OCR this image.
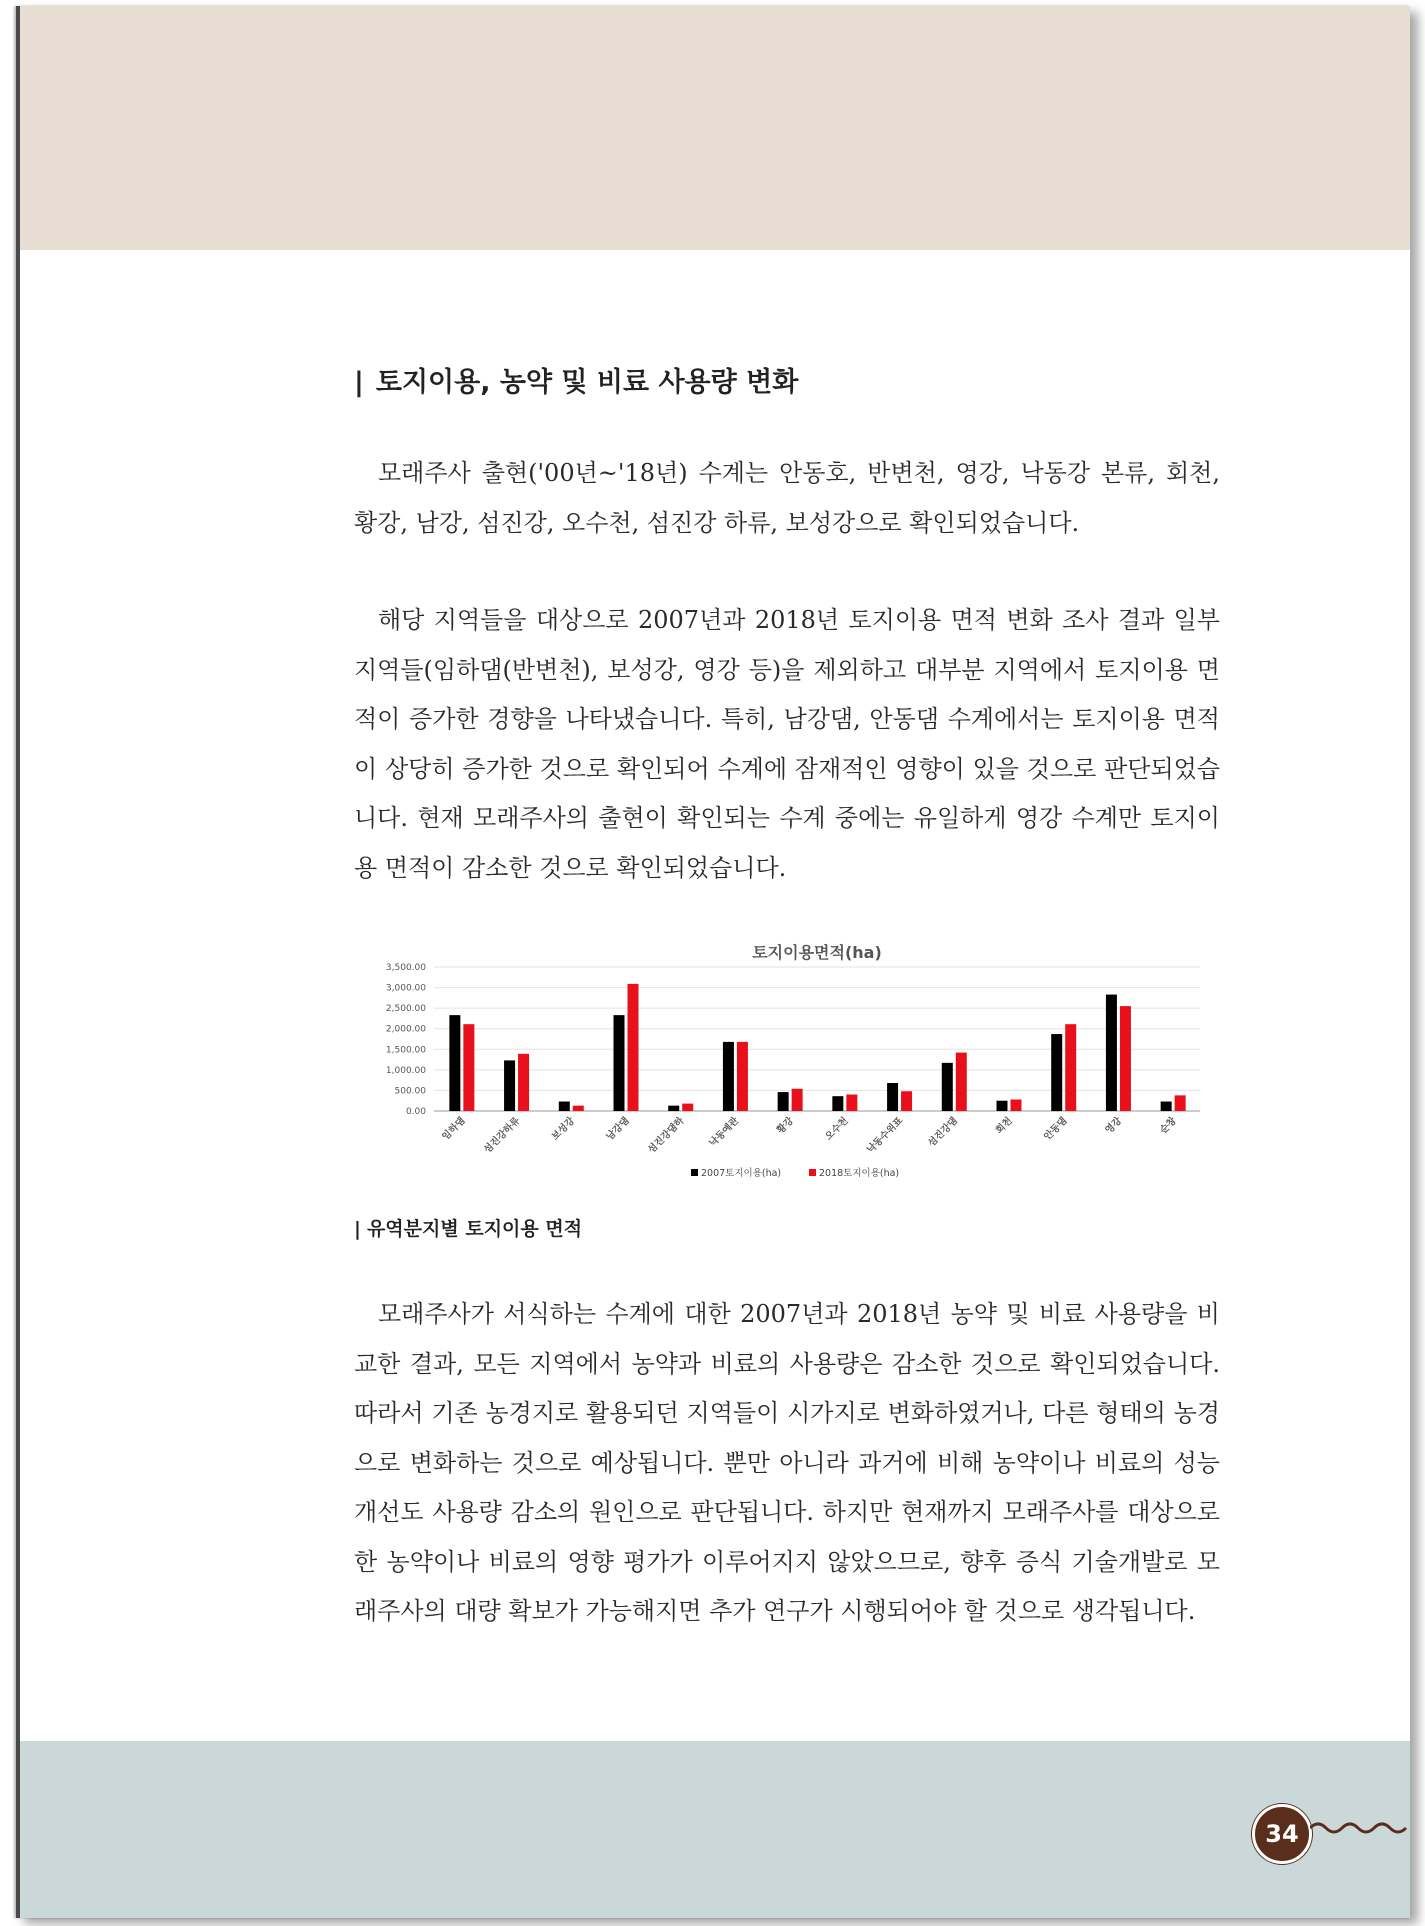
| 토지이용, 농약 및 비료 사용량 변화
모래주사 출현('00년~'18년) 수계는 안동호, 반변천, 영강, 낙동강 본류, 회천, 황강, 남강, 섬진강, 오수천, 섬진강 하류, 보성강으로 확인되었습니다.
해당 지역들을 대상으로 2007년과 2018년 토지이용 면적 변화 조사 결과 일부 지역들(임하댐(반변천), 보성강, 영강 등)을 제외하고 대부분 지역에서 토지이용 면적이 증가한 경향을 나타냈습니다. 특히, 남강댐, 안동댐 수계에서는 토지이용 면적이 상당히 증가한 것으로 확인되어 수계에 잠재적인 영향이 있을 것으로 판단되었습니다. 현재 모래주사의 출현이 확인되는 수계 중에는 유일하게 영강 수계만 토지이용 면적이 감소한 것으로 확인되었습니다.
토지이용면적(ha)
3,500.00
3,000.00
2,500.00
2,000.00
1,500.00
1,000.00
500.00
0.00
임하댐 섬진강하류	보성강	남강댐 섬진강댐하 낙동예관	황강	오수천 낙동수위표 섬진강댐	회천	안동댐	영강	순창
2007토지이용(ha)	2018토지이용(ha)
| 유역분지별 토지이용 면적
모래주사가 서식하는 수계에 대한 2007년과 2018년 농약 및 비료 사용량을 비교한 결과, 모든 지역에서 농약과 비료의 사용량은 감소한 것으로 확인되었습니다. 따라서 기존 농경지로 활용되던 지역들이 시가지로 변화하였거나, 다른 형태의 농경으로 변화하는 것으로 예상됩니다. 뿐만 아니라 과거에 비해 농약이나 비료의 성능 개선도 사용량 감소의 원인으로 판단됩니다. 하지만 현재까지 모래주사를 대상으로 한 농약이나 비료의 영향 평가가 이루어지지 않았으므로, 향후 증식 기술개발로 모래주사의 대량 확보가 가능해지면 추가 연구가 시행되어야 할 것으로 생각됩니다.
34
